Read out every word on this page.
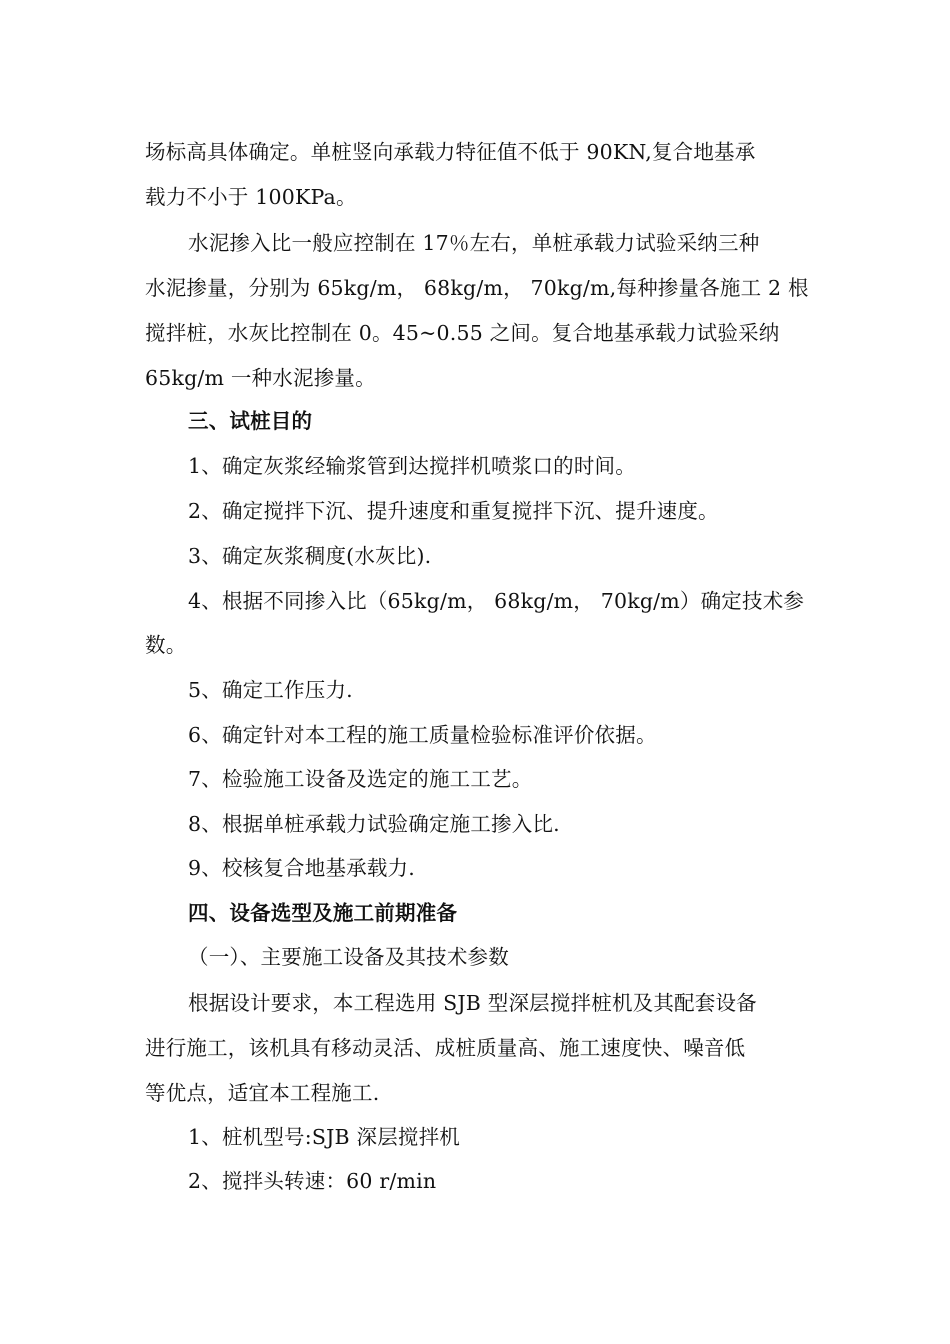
场标高具体确定。单桩竖向承载力特征值不低于 90KN,复合地基承
载力不小于 100KPa。
水泥掺入比一般应控制在 17％左右，单桩承载力试验采纳三种
水泥掺量，分别为 65kg/m， 68kg/m， 70kg/m,每种掺量各施工 2 根
搅拌桩，水灰比控制在 0。45~0.55 之间。复合地基承载力试验采纳
65kg/m 一种水泥掺量。
三、试桩目的
1、确定灰浆经输浆管到达搅拌机喷浆口的时间。
2、确定搅拌下沉、提升速度和重复搅拌下沉、提升速度。
3、确定灰浆稠度(水灰比).
4、根据不同掺入比（65kg/m， 68kg/m， 70kg/m）确定技术参
数。
5、确定工作压力.
6、确定针对本工程的施工质量检验标准评价依据。
7、检验施工设备及选定的施工工艺。
8、根据单桩承载力试验确定施工掺入比.
9、校核复合地基承载力.
四、设备选型及施工前期准备
（一）、主要施工设备及其技术参数
根据设计要求，本工程选用 SJB 型深层搅拌桩机及其配套设备
进行施工，该机具有移动灵活、成桩质量高、施工速度快、噪音低
等优点，适宜本工程施工.
1、桩机型号:SJB 深层搅拌机
2、搅拌头转速：60 r/min
